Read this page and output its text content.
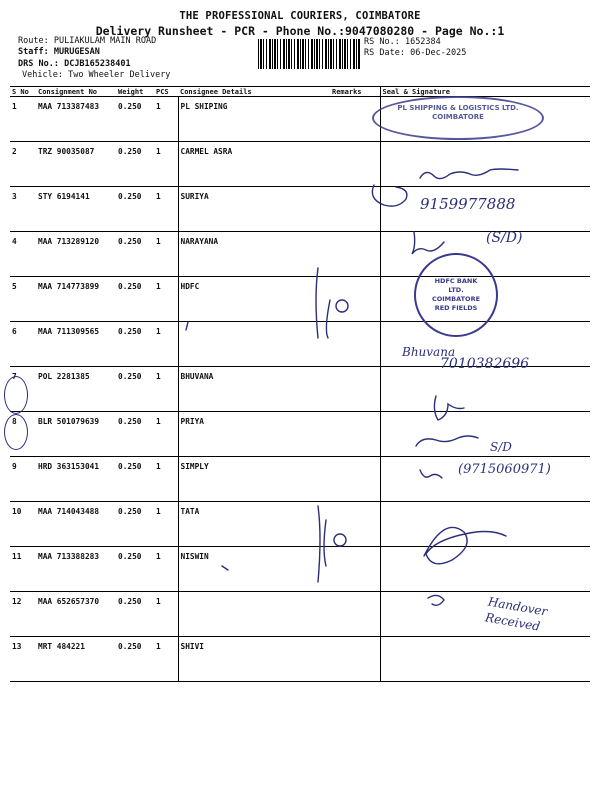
THE PROFESSIONAL COURIERS, COIMBATORE
Delivery Runsheet - PCR - Phone No.:9047080280 - Page No.:1
Route: PULIAKULAM MAIN ROAD
Staff: MURUGESAN
DRS No.: DCJB165238401
Vehicle: Two Wheeler Delivery
RS No.: 1652384
RS Date: 06-Dec-2025
S No	Consignment No	Weight	PCS	Consignee Details	Remarks	Seal & Signature
1	MAA 713387483	0.250	1	PL SHIPING		
2	TRZ 90035087	0.250	1	CARMEL ASRA		
3	STY 6194141	0.250	1	SURIYA		
4	MAA 713289120	0.250	1	NARAYANA		
5	MAA 714773899	0.250	1	HDFC		
6	MAA 711309565	0.250	1			
7	POL 2281385	0.250	1	BHUVANA		
8	BLR 501079639	0.250	1	PRIYA		
9	HRD 363153041	0.250	1	SIMPLY		
10	MAA 714043488	0.250	1	TATA		
11	MAA 713388283	0.250	1	NISWIN		
12	MAA 652657370	0.250	1			
13	MRT 484221	0.250	1	SHIVI		
PL SHIPPING & LOGISTICS LTD. COIMBATORE
HDFC BANK LTD. COIMBATORE RED FIELDS
9159977888
(S/D)
Bhuvana
7010382696
S/D
(9715060971)
Handover Received
